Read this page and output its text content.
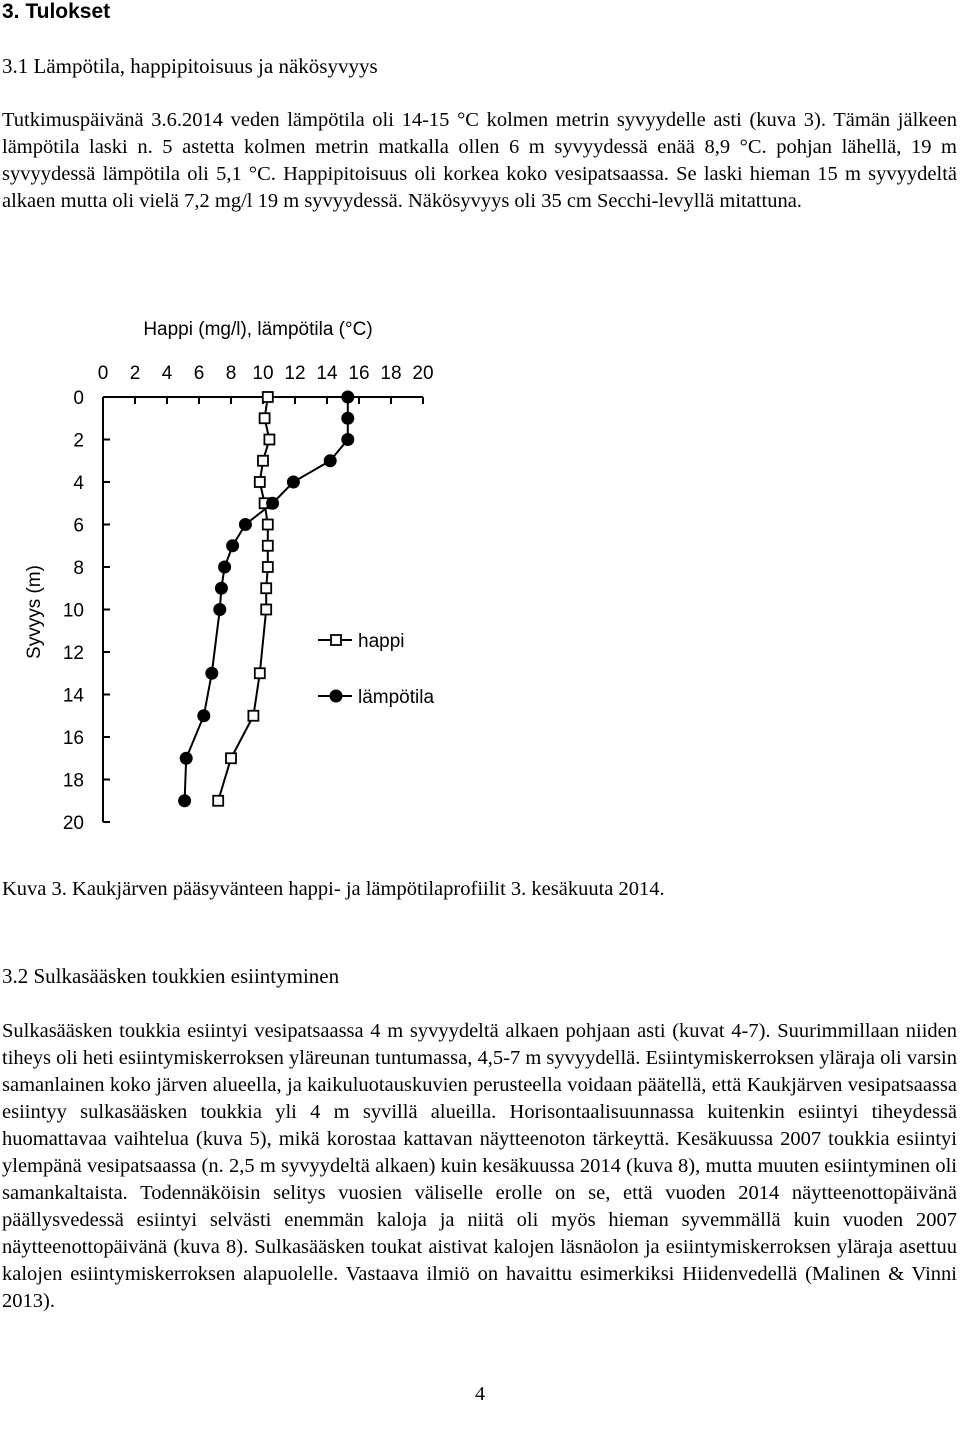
3. Tulokset
3.1 Lämpötila, happipitoisuus ja näkösyvyys

Tutkimuspäivänä 3.6.2014 veden lämpötila oli 14-15 °C kolmen metrin syvyydelle asti (kuva 3). Tämän jälkeen lämpötila laski n. 5 astetta kolmen metrin matkalla ollen 6 m syvyydessä enää 8,9 °C. pohjan lähellä, 19 m syvyydessä lämpötila oli 5,1 °C. Happipitoisuus oli korkea koko vesipatsaassa. Se laski hieman 15 m syvyydeltä alkaen mutta oli vielä 7,2 mg/l 19 m syvyydessä. Näkösyvyys oli 35 cm Secchi-levyllä mitattuna.

0 2 4 6 8 10 12 14 16 18 20
0
2
4
6
8
10
12
14
16
18
20
happi
lämpötila
Happi (mg/l), lämpötila (°C)
Syvyys (m)

Kuva 3. Kaukjärven pääsyvänteen happi- ja lämpötilaprofiilit 3. kesäkuuta 2014.

3.2 Sulkasääsken toukkien esiintyminen

Sulkasääsken toukkia esiintyi vesipatsaassa 4 m syvyydeltä alkaen pohjaan asti (kuvat 4-7). Suurimmillaan niiden tiheys oli heti esiintymiskerroksen yläreunan tuntumassa, 4,5-7 m syvyydellä. Esiintymiskerroksen yläraja oli varsin samanlainen koko järven alueella, ja kaikuluotauskuvien perusteella voidaan päätellä, että Kaukjärven vesipatsaassa esiintyy sulkasääsken toukkia yli 4 m syvillä alueilla. Horisontaalisuunnassa kuitenkin esiintyi tiheydessä huomattavaa vaihtelua (kuva 5), mikä korostaa kattavan näytteenoton tärkeyttä. Kesäkuussa 2007 toukkia esiintyi ylempänä vesipatsaassa (n. 2,5 m syvyydeltä alkaen) kuin kesäkuussa 2014 (kuva 8), mutta muuten esiintyminen oli samankaltaista. Todennäköisin selitys vuosien väliselle erolle on se, että vuoden 2014 näytteenottopäivänä päällysvedessä esiintyi selvästi enemmän kaloja ja niitä oli myös hieman syvemmällä kuin vuoden 2007 näytteenottopäivänä (kuva 8). Sulkasääsken toukat aistivat kalojen läsnäolon ja esiintymiskerroksen yläraja asettuu kalojen esiintymiskerroksen alapuolelle. Vastaava ilmiö on havaittu esimerkiksi Hiidenvedellä (Malinen & Vinni 2013).

4
